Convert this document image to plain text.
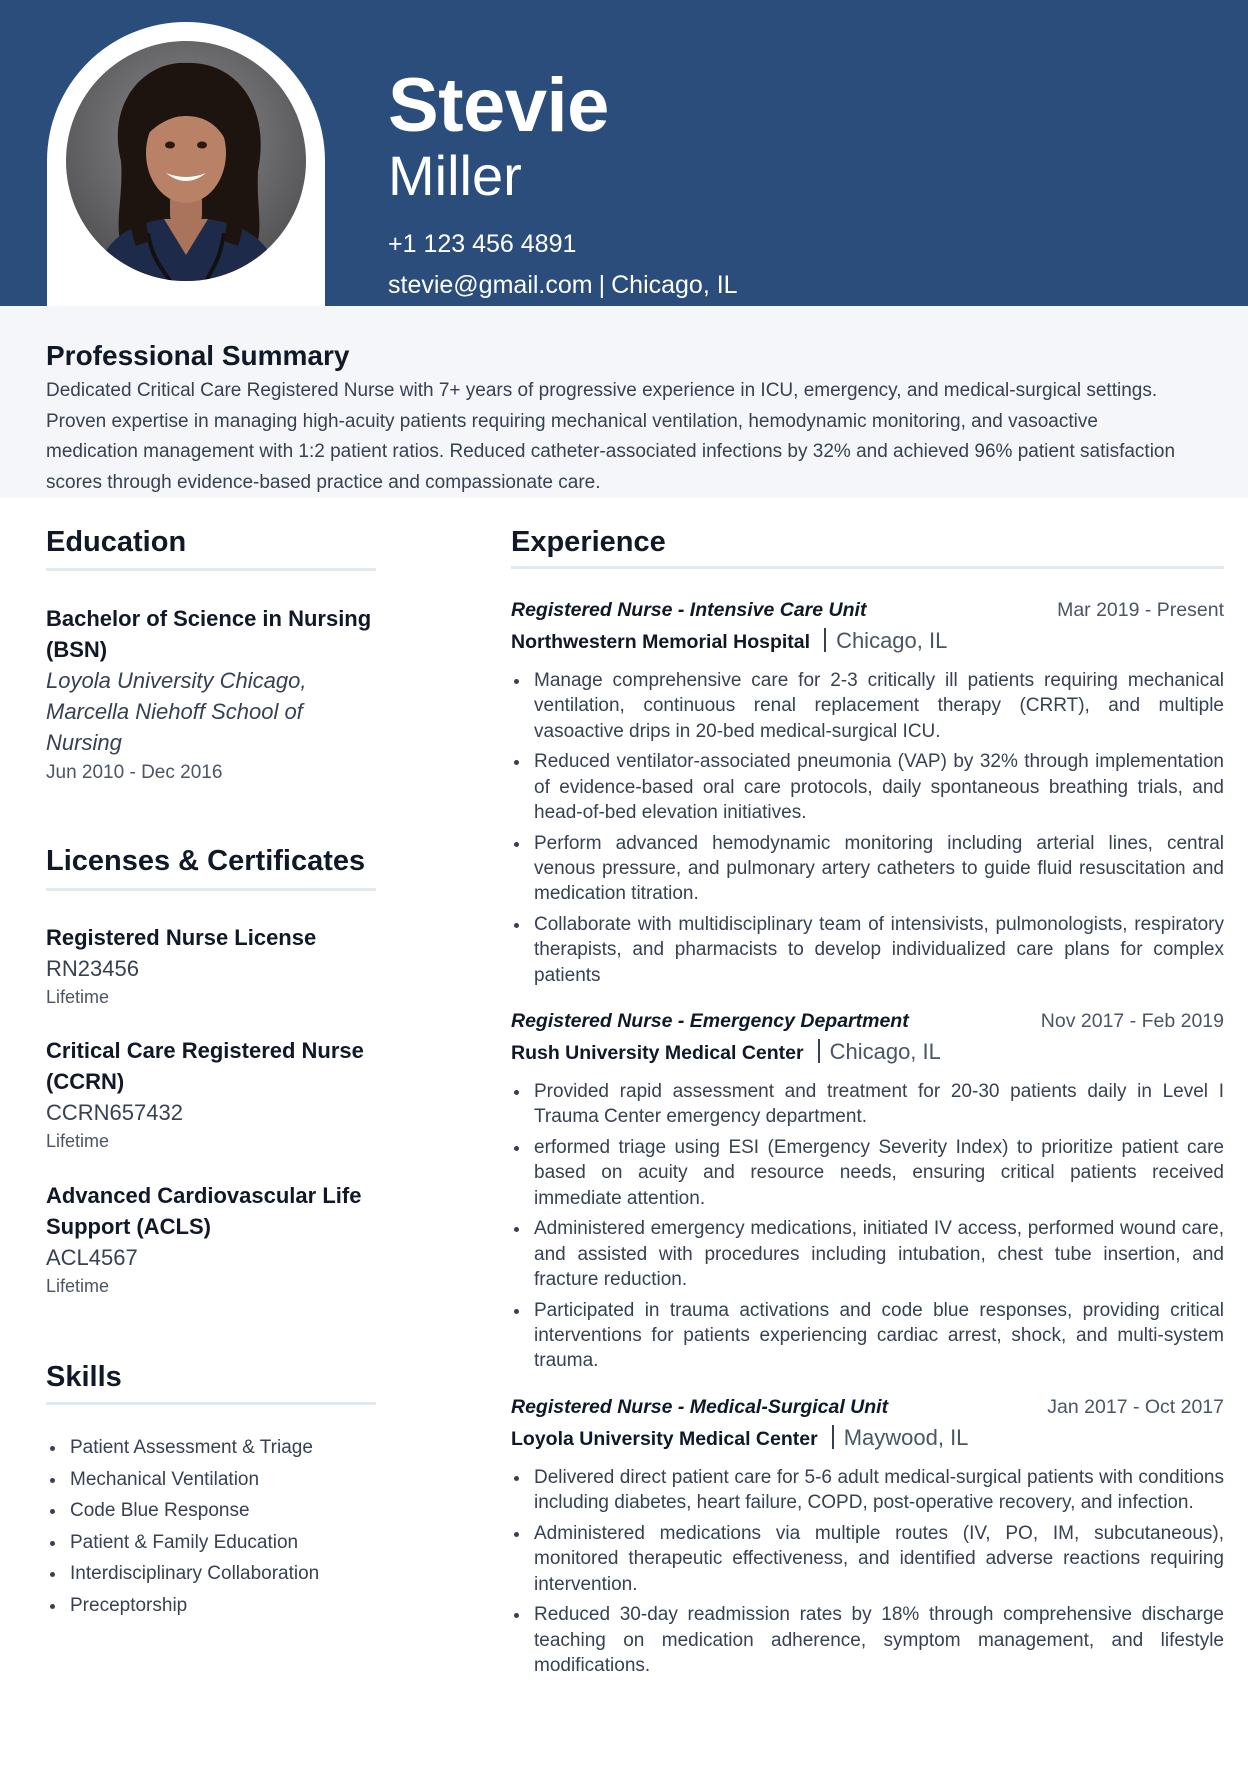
Stevie
Miller
+1 123 456 4891
stevie@gmail.com | Chicago, IL
Professional Summary
Dedicated Critical Care Registered Nurse with 7+ years of progressive experience in ICU, emergency, and medical-surgical settings. Proven expertise in managing high-acuity patients requiring mechanical ventilation, hemodynamic monitoring, and vasoactive medication management with 1:2 patient ratios. Reduced catheter-associated infections by 32% and achieved 96% patient satisfaction scores through evidence-based practice and compassionate care.
Education
Bachelor of Science in Nursing (BSN)
Loyola University Chicago, Marcella Niehoff School of Nursing
Jun 2010 - Dec 2016
Licenses & Certificates
Registered Nurse License
RN23456
Lifetime
Critical Care Registered Nurse (CCRN)
CCRN657432
Lifetime
Advanced Cardiovascular Life Support (ACLS)
ACL4567
Lifetime
Skills
Patient Assessment & Triage
Mechanical Ventilation
Code Blue Response
Patient & Family Education
Interdisciplinary Collaboration
Preceptorship
Experience
Registered Nurse - Intensive Care Unit	Mar 2019 - Present
Northwestern Memorial Hospital Chicago, IL
Manage comprehensive care for 2-3 critically ill patients requiring mechanical ventilation, continuous renal replacement therapy (CRRT), and multiple vasoactive drips in 20-bed medical-surgical ICU.
Reduced ventilator-associated pneumonia (VAP) by 32% through implementation of evidence-based oral care protocols, daily spontaneous breathing trials, and head-of-bed elevation initiatives.
Perform advanced hemodynamic monitoring including arterial lines, central venous pressure, and pulmonary artery catheters to guide fluid resuscitation and medication titration.
Collaborate with multidisciplinary team of intensivists, pulmonologists, respiratory therapists, and pharmacists to develop individualized care plans for complex patients
Registered Nurse - Emergency Department	Nov 2017 - Feb 2019
Rush University Medical Center Chicago, IL
Provided rapid assessment and treatment for 20-30 patients daily in Level I Trauma Center emergency department.
erformed triage using ESI (Emergency Severity Index) to prioritize patient care based on acuity and resource needs, ensuring critical patients received immediate attention.
Administered emergency medications, initiated IV access, performed wound care, and assisted with procedures including intubation, chest tube insertion, and fracture reduction.
Participated in trauma activations and code blue responses, providing critical interventions for patients experiencing cardiac arrest, shock, and multi-system trauma.
Registered Nurse - Medical-Surgical Unit	Jan 2017 - Oct 2017
Loyola University Medical Center Maywood, IL
Delivered direct patient care for 5-6 adult medical-surgical patients with conditions including diabetes, heart failure, COPD, post-operative recovery, and infection.
Administered medications via multiple routes (IV, PO, IM, subcutaneous), monitored therapeutic effectiveness, and identified adverse reactions requiring intervention.
Reduced 30-day readmission rates by 18% through comprehensive discharge teaching on medication adherence, symptom management, and lifestyle modifications.
